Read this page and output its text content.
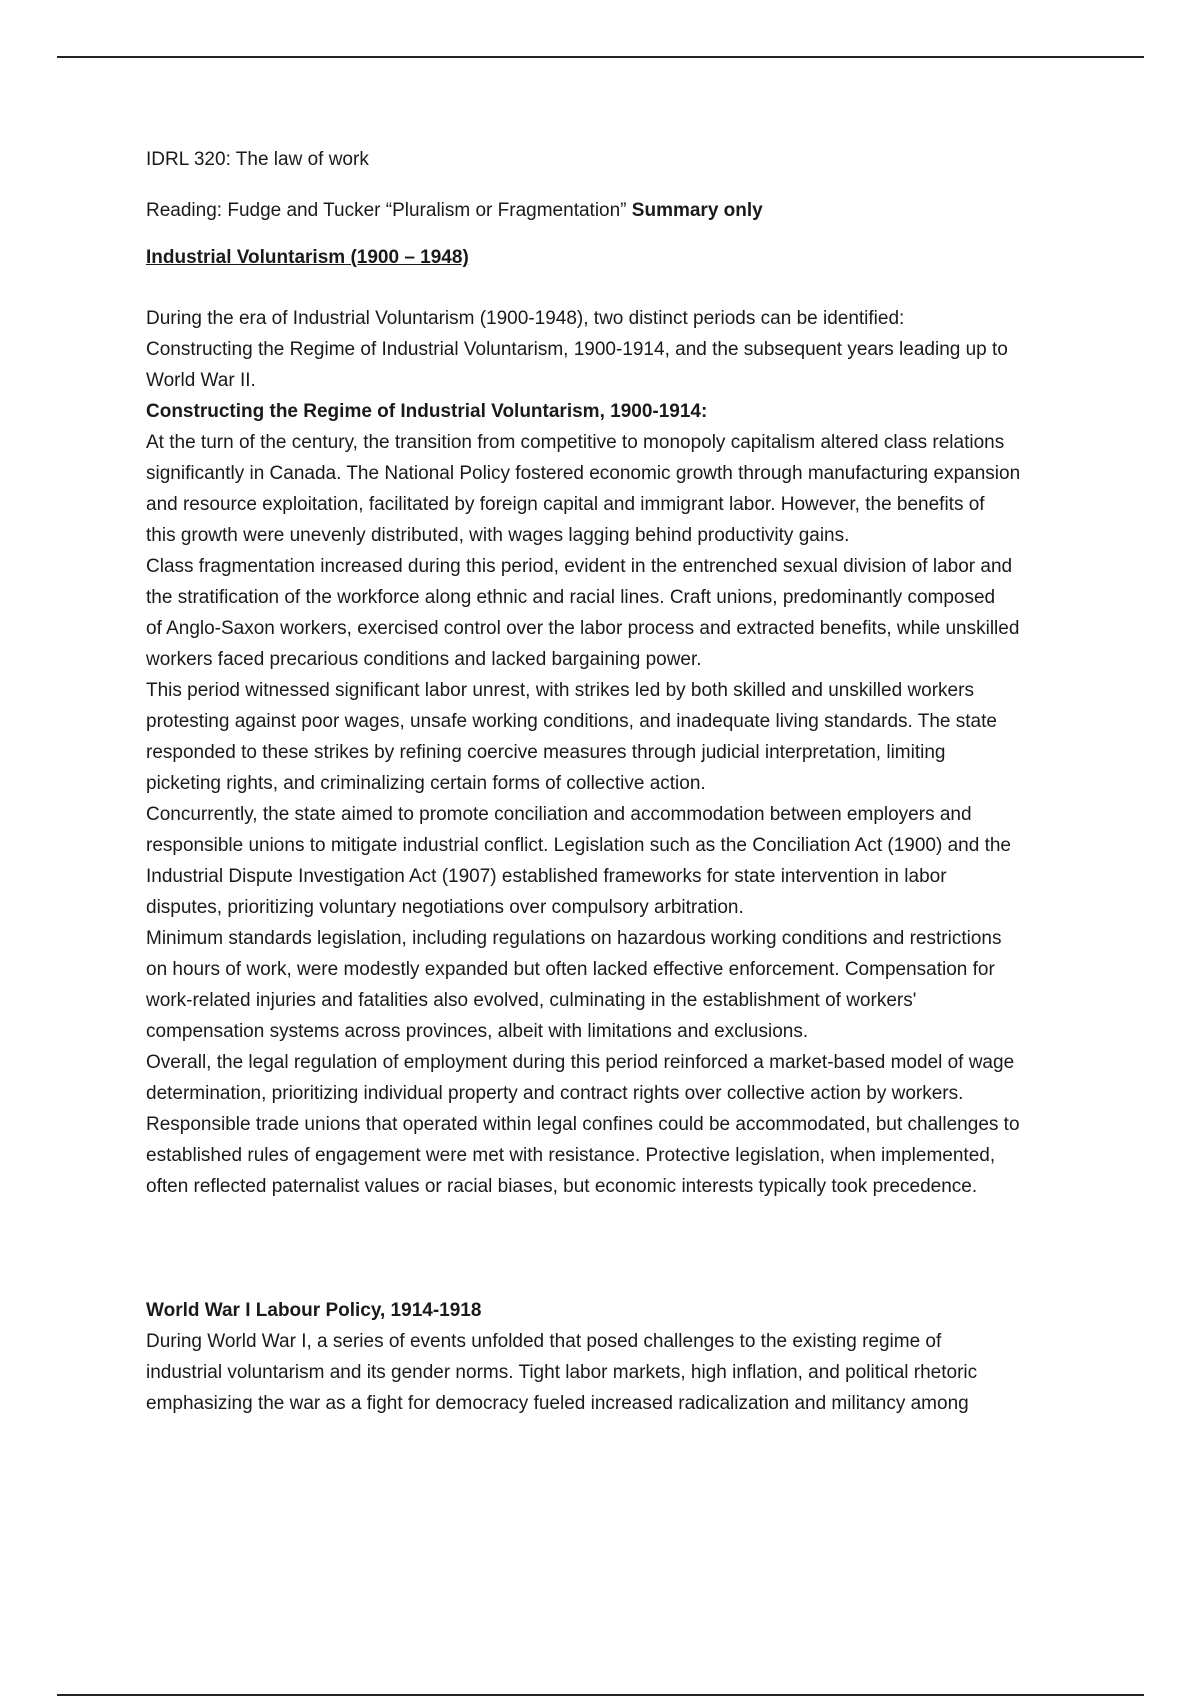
IDRL 320: The law of work

Reading: Fudge and Tucker “Pluralism or Fragmentation” Summary only

Industrial Voluntarism (1900 – 1948)

During the era of Industrial Voluntarism (1900-1948), two distinct periods can be identified:

Constructing the Regime of Industrial Voluntarism, 1900-1914, and the subsequent years leading up to

World War II.

Constructing the Regime of Industrial Voluntarism, 1900-1914:

At the turn of the century, the transition from competitive to monopoly capitalism altered class relations

significantly in Canada. The National Policy fostered economic growth through manufacturing expansion

and resource exploitation, facilitated by foreign capital and immigrant labor. However, the benefits of

this growth were unevenly distributed, with wages lagging behind productivity gains.

Class fragmentation increased during this period, evident in the entrenched sexual division of labor and

the stratification of the workforce along ethnic and racial lines. Craft unions, predominantly composed

of Anglo-Saxon workers, exercised control over the labor process and extracted benefits, while unskilled

workers faced precarious conditions and lacked bargaining power.

This period witnessed significant labor unrest, with strikes led by both skilled and unskilled workers

protesting against poor wages, unsafe working conditions, and inadequate living standards. The state

responded to these strikes by refining coercive measures through judicial interpretation, limiting

picketing rights, and criminalizing certain forms of collective action.

Concurrently, the state aimed to promote conciliation and accommodation between employers and

responsible unions to mitigate industrial conflict. Legislation such as the Conciliation Act (1900) and the

Industrial Dispute Investigation Act (1907) established frameworks for state intervention in labor

disputes, prioritizing voluntary negotiations over compulsory arbitration.

Minimum standards legislation, including regulations on hazardous working conditions and restrictions

on hours of work, were modestly expanded but often lacked effective enforcement. Compensation for

work-related injuries and fatalities also evolved, culminating in the establishment of workers'

compensation systems across provinces, albeit with limitations and exclusions.

Overall, the legal regulation of employment during this period reinforced a market-based model of wage

determination, prioritizing individual property and contract rights over collective action by workers.

Responsible trade unions that operated within legal confines could be accommodated, but challenges to

established rules of engagement were met with resistance. Protective legislation, when implemented,

often reflected paternalist values or racial biases, but economic interests typically took precedence.

World War I Labour Policy, 1914-1918

During World War I, a series of events unfolded that posed challenges to the existing regime of

industrial voluntarism and its gender norms. Tight labor markets, high inflation, and political rhetoric

emphasizing the war as a fight for democracy fueled increased radicalization and militancy among
